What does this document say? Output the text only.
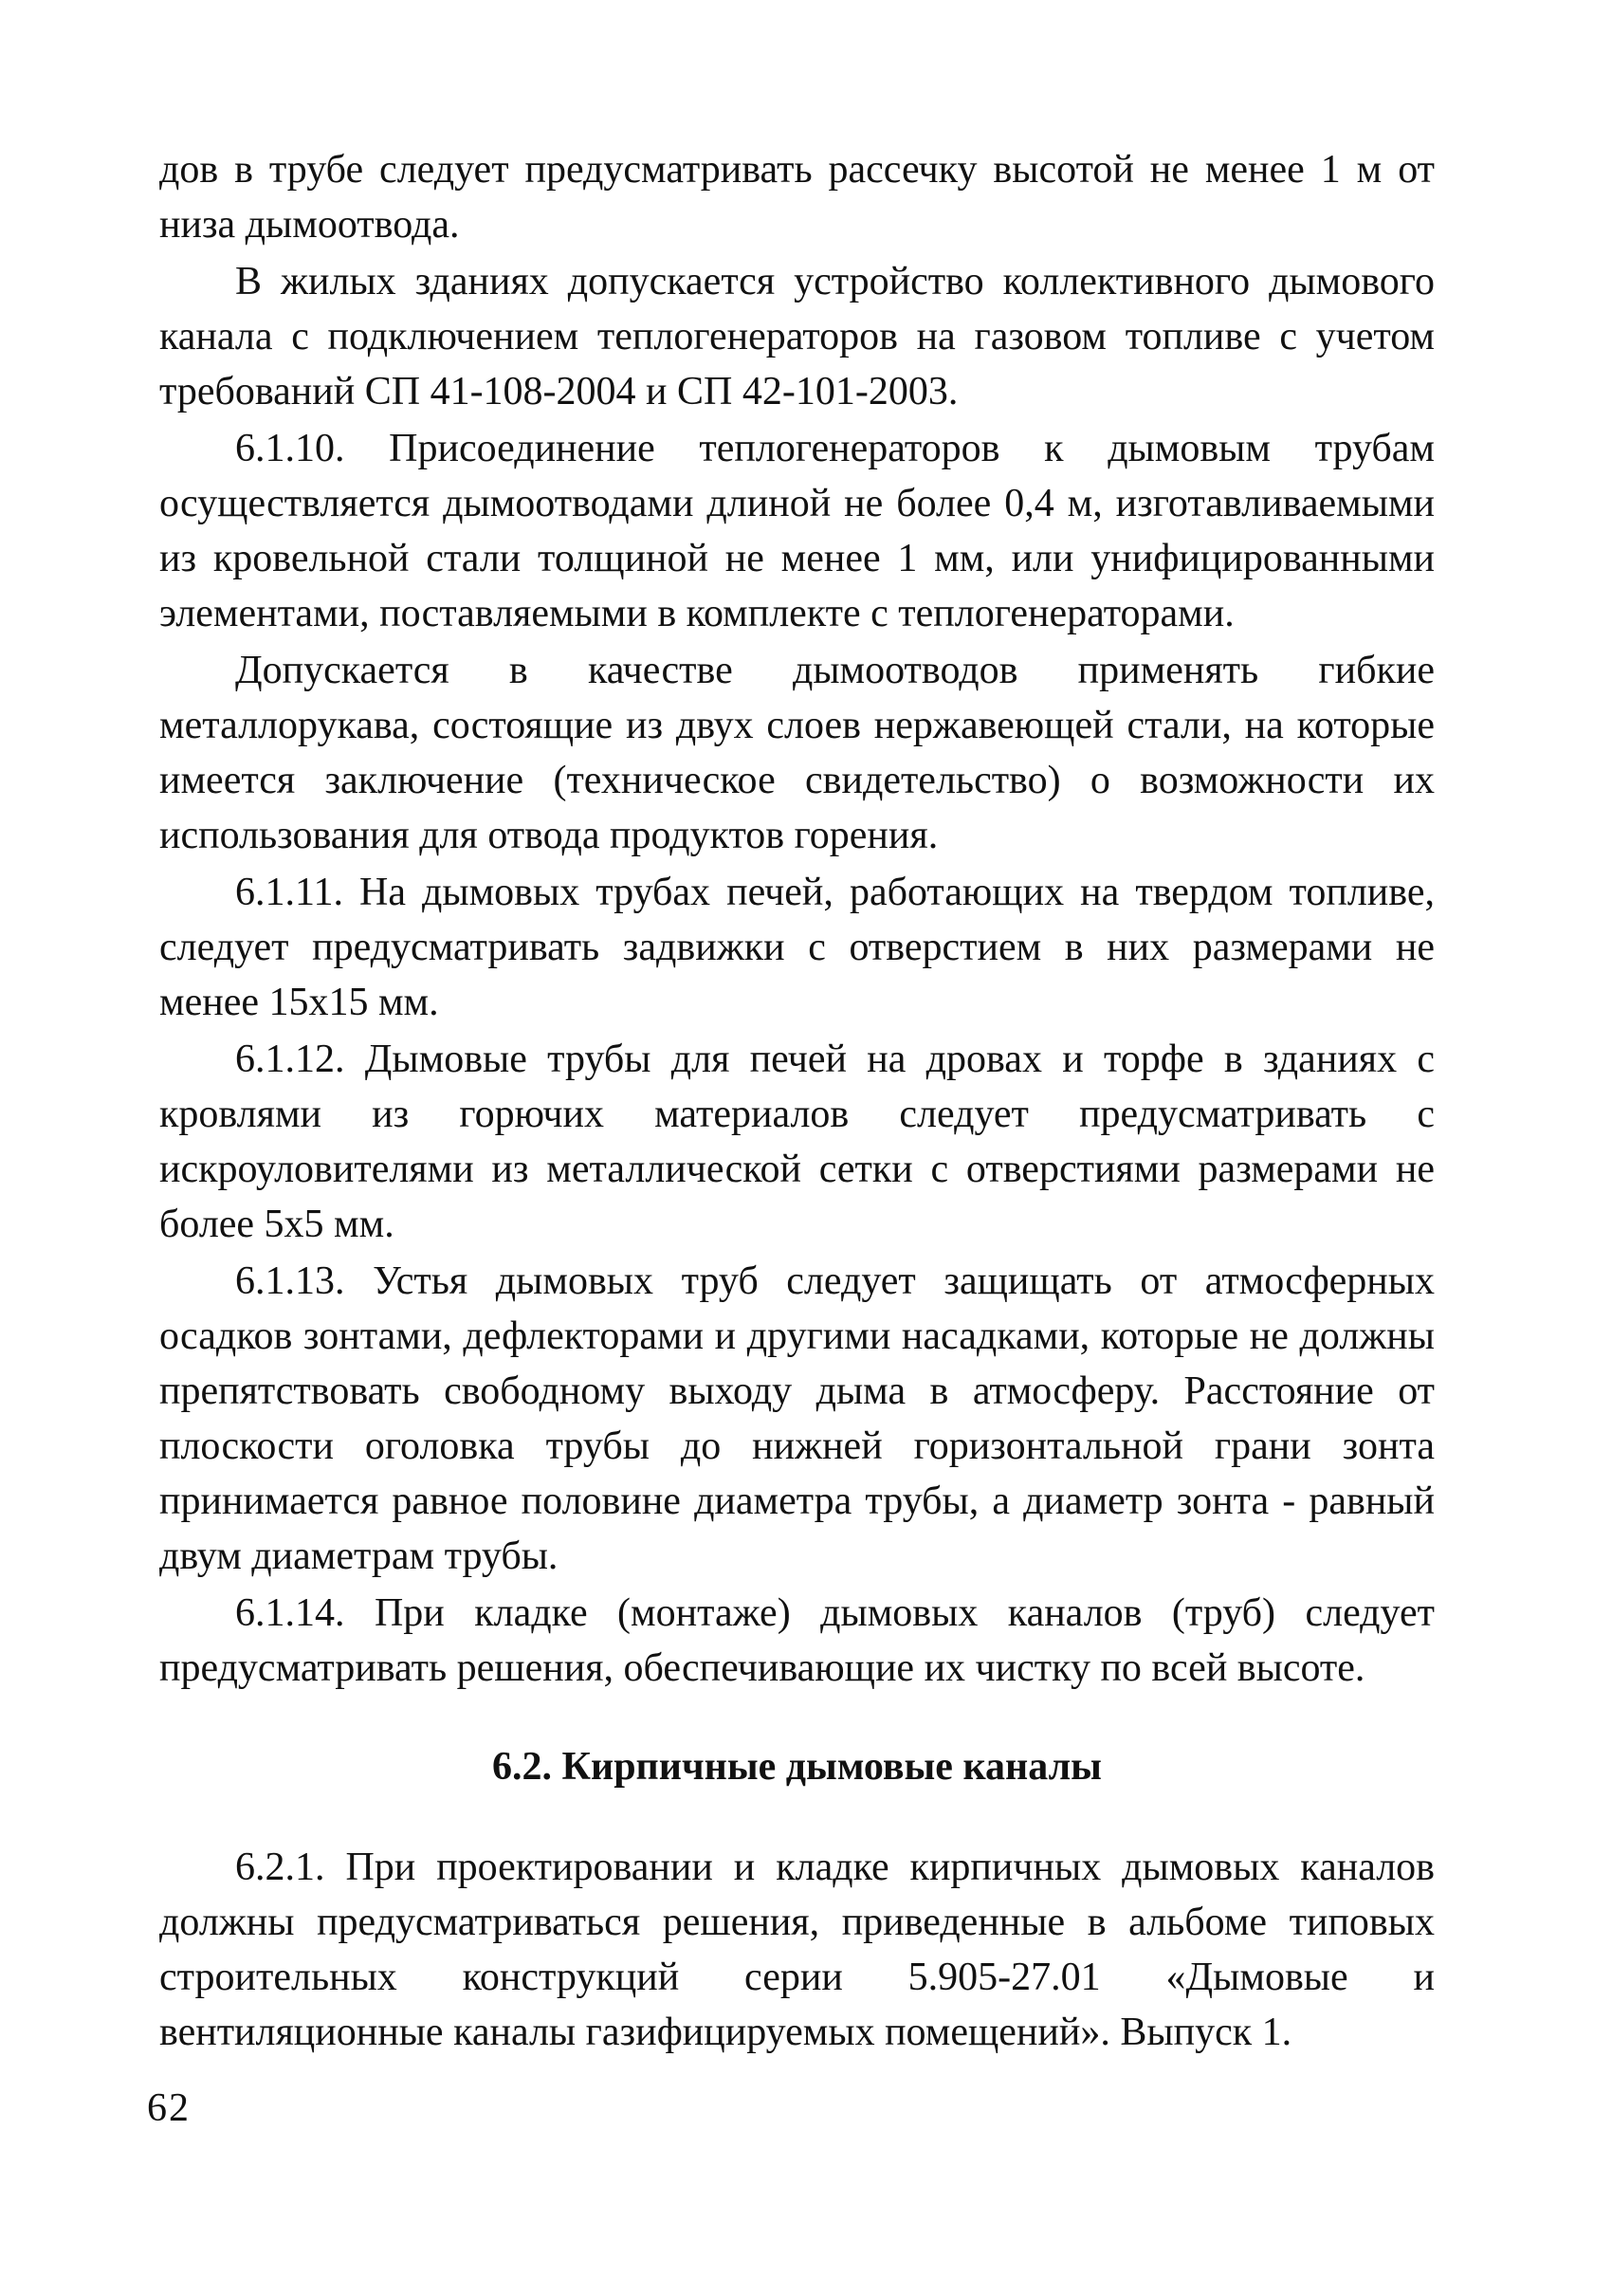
дов в трубе следует предусматривать рассечку высотой не менее 1 м от низа дымоотвода.

В жилых зданиях допускается устройство коллективного дымового канала с подключением теплогенераторов на газовом топливе с учетом требований СП 41-108-2004 и СП 42-101-2003.

6.1.10. Присоединение теплогенераторов к дымовым трубам осуществляется дымоотводами длиной не более 0,4 м, изготавливаемыми из кровельной стали толщиной не менее 1 мм, или унифицированными элементами, поставляемыми в комплекте с теплогенераторами.

Допускается в качестве дымоотводов применять гибкие металлорукава, состоящие из двух слоев нержавеющей стали, на которые имеется заключение (техническое свидетельство) о возможности их использования для отвода продуктов горения.

6.1.11. На дымовых трубах печей, работающих на твердом топливе, следует предусматривать задвижки с отверстием в них размерами не менее 15х15 мм.

6.1.12. Дымовые трубы для печей на дровах и торфе в зданиях с кровлями из горючих материалов следует предусматривать с искроуловителями из металлической сетки с отверстиями размерами не более 5х5 мм.

6.1.13. Устья дымовых труб следует защищать от атмосферных осадков зонтами, дефлекторами и другими насадками, которые не должны препятствовать свободному выходу дыма в атмосферу. Расстояние от плоскости оголовка трубы до нижней горизонтальной грани зонта принимается равное половине диаметра трубы, а диаметр зонта - равный двум диаметрам трубы.

6.1.14. При кладке (монтаже) дымовых каналов (труб) следует предусматривать решения, обеспечивающие их чистку по всей высоте.

6.2. Кирпичные дымовые каналы

6.2.1. При проектировании и кладке кирпичных дымовых каналов должны предусматриваться решения, приведенные в альбоме типовых строительных конструкций серии 5.905-27.01 «Дымовые и вентиляционные каналы газифицируемых помещений». Выпуск 1.

62
